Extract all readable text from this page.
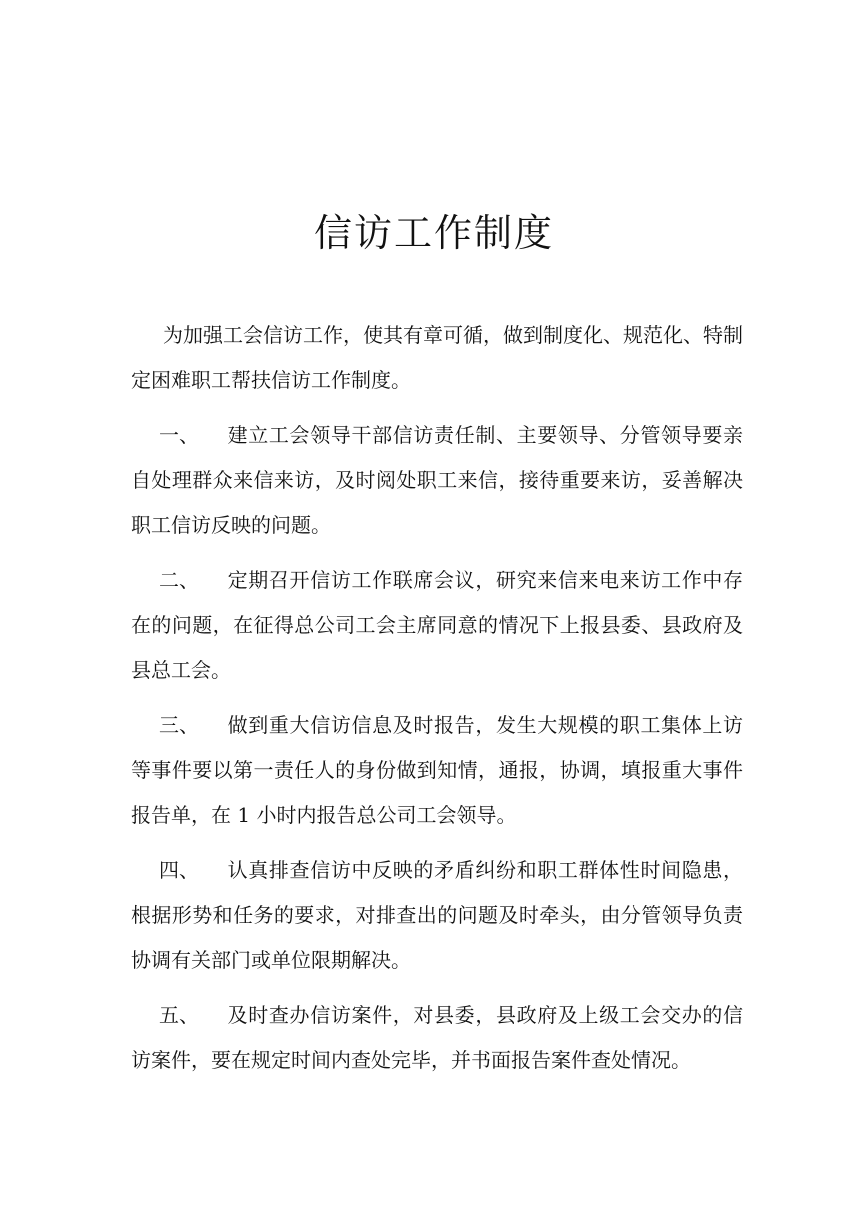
信访工作制度

为加强工会信访工作，使其有章可循，做到制度化、规范化、特制定困难职工帮扶信访工作制度。

一、 建立工会领导干部信访责任制、主要领导、分管领导要亲自处理群众来信来访，及时阅处职工来信，接待重要来访，妥善解决职工信访反映的问题。

二、 定期召开信访工作联席会议，研究来信来电来访工作中存在的问题，在征得总公司工会主席同意的情况下上报县委、县政府及县总工会。

三、 做到重大信访信息及时报告，发生大规模的职工集体上访等事件要以第一责任人的身份做到知情，通报，协调，填报重大事件报告单，在 1 小时内报告总公司工会领导。

四、 认真排查信访中反映的矛盾纠纷和职工群体性时间隐患，根据形势和任务的要求，对排查出的问题及时牵头，由分管领导负责协调有关部门或单位限期解决。

五、 及时查办信访案件，对县委，县政府及上级工会交办的信访案件，要在规定时间内查处完毕，并书面报告案件查处情况。
